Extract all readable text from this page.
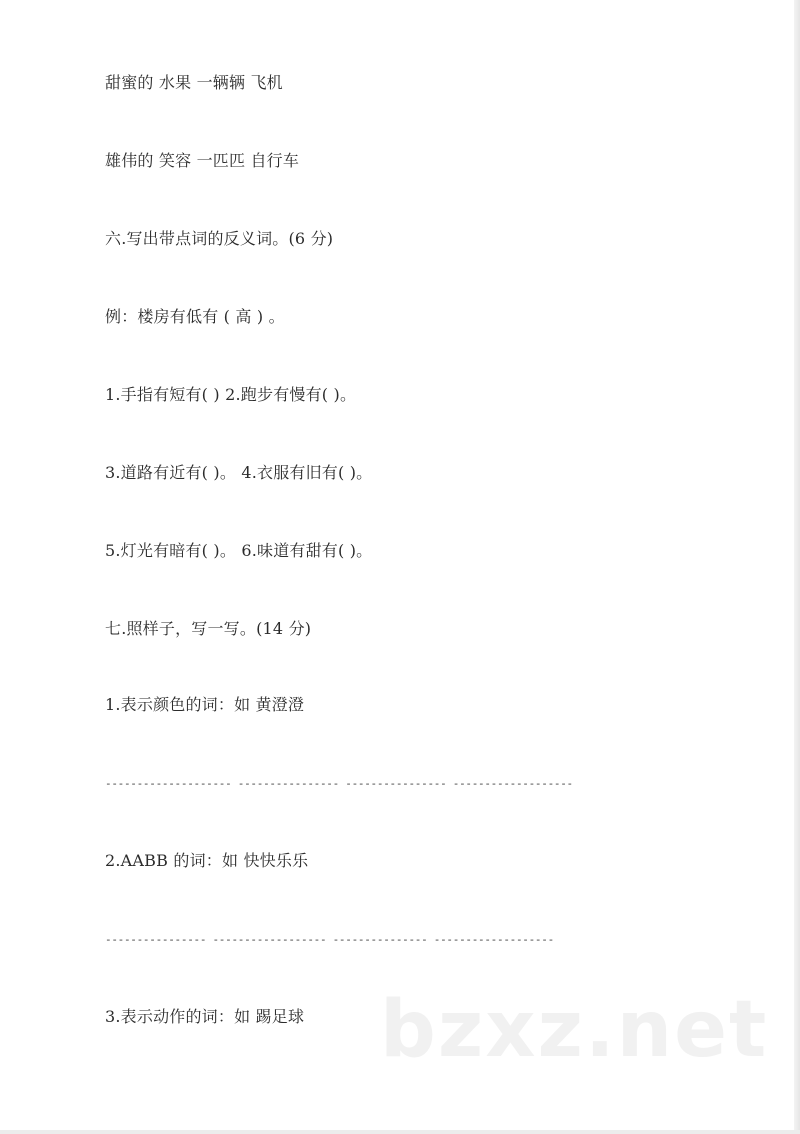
甜蜜的 水果 一辆辆 飞机
雄伟的 笑容 一匹匹 自行车
六.写出带点词的反义词。(6 分)
例：楼房有低有 ( 高 ) 。
1.手指有短有( ) 2.跑步有慢有( )。
3.道路有近有( )。 4.衣服有旧有( )。
5.灯光有暗有( )。 6.味道有甜有( )。
七.照样子，写一写。(14 分)
1.表示颜色的词：如 黄澄澄
-------------------- ---------------- ---------------- -------------------
2.AABB 的词：如 快快乐乐
---------------- ------------------ --------------- -------------------
3.表示动作的词：如 踢足球 bzxz.net
